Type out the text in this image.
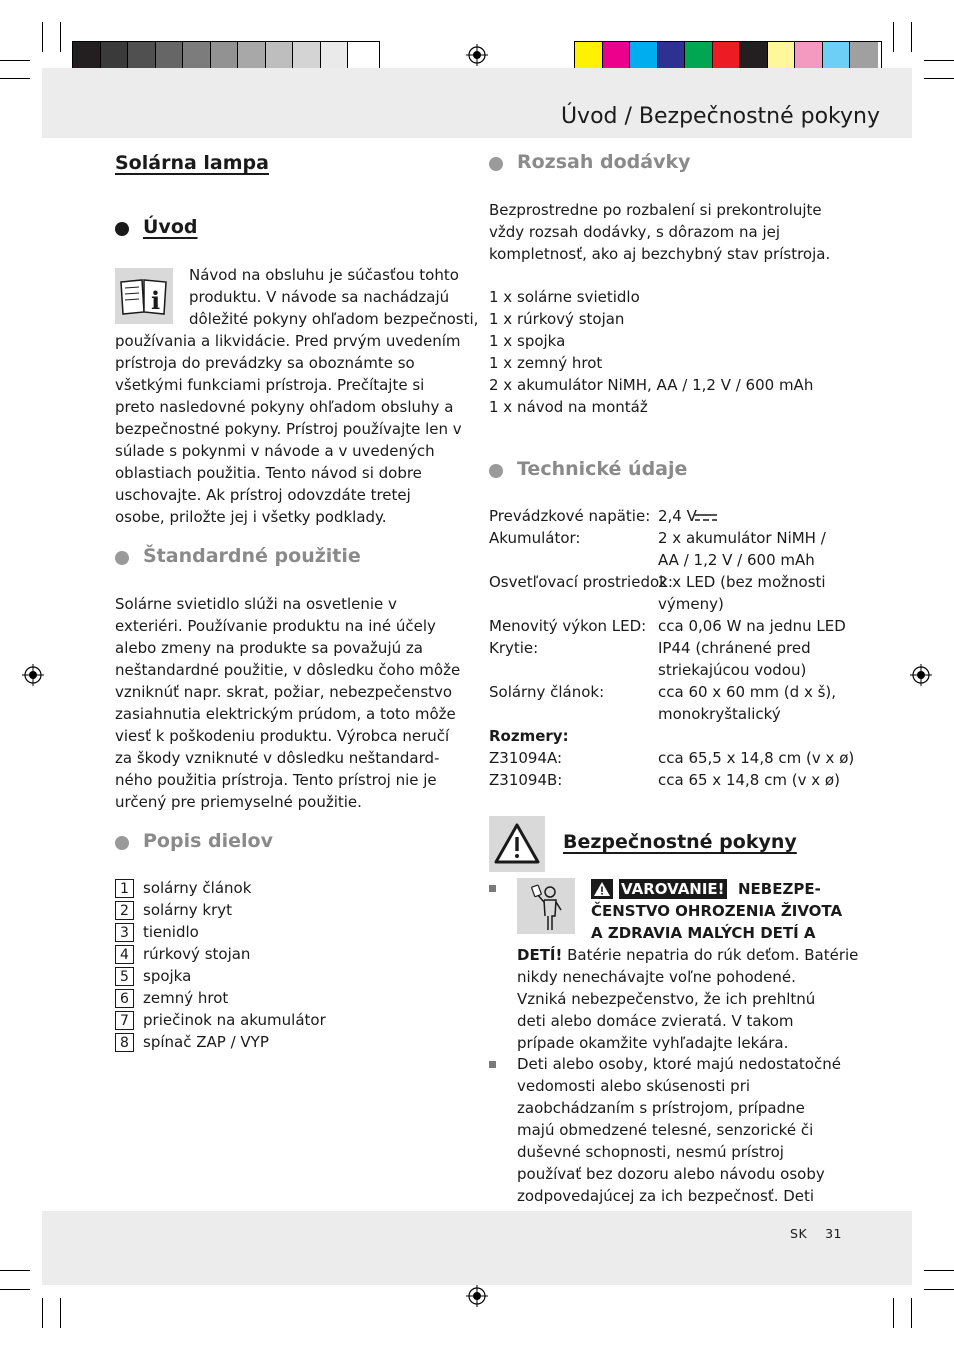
Úvod / Bezpečnostné pokyny
Solárna lampa
Úvod
i
Návod na obsluhu je súčasťou tohto
produktu. V návode sa nachádzajú
dôležité pokyny ohľadom bezpečnosti,

používania a likvidácie. Pred prvým uvedením prístroja do prevádzky sa oboznámte so všetkými funkciami prístroja. Prečítajte si preto nasledovné pokyny ohľadom obsluhy a bezpečnostné pokyny. Prístroj používajte len v súlade s pokynmi v návode a v uvedených oblastiach použitia. Tento návod si dobre uschovajte. Ak prístroj odovzdáte tretej osobe, priložte jej i všetky podklady.

Štandardné použitie

Solárne svietidlo slúži na osvetlenie v exteriéri. Používanie produktu na iné účely alebo zmeny na produkte sa považujú za neštandardné použitie, v dôsledku čoho môže vzniknúť napr. skrat, požiar, nebezpečenstvo zasiahnutia elektrickým prúdom, a toto môže viesť k poškodeniu produktu. Výrobca neručí za škody vzniknuté v dôsledku neštandard-ného použitia prístroja. Tento prístroj nie je určený pre priemyselné použitie.

Popis dielov
1 solárny článok
2 solárny kryt
3 tienidlo
4 rúrkový stojan
5 spojka
6 zemný hrot
7 priečinok na akumulátor
8 spínač ZAP / VYP
Rozsah dodávky

Bezprostredne po rozbalení si prekontrolujte vždy rozsah dodávky, s dôrazom na jej kompletnosť, ako aj bezchybný stav prístroja.

1 x solárne svietidlo
1 x rúrkový stojan
1 x spojka
1 x zemný hrot
2 x akumulátor NiMH, AA / 1,2 V / 600 mAh
1 x návod na montáž
Technické údaje
Prevádzkové napätie: 2,4 V
Akumulátor:	2 x akumulátor NiMH /
AA / 1,2 V / 600 mAh
Osvetľovací prostriedok:
2 x LED (bez možnosti
výmeny)
Menovitý výkon LED: cca 0,06 W na jednu LED
Krytie:	IP44 (chránené pred
striekajúcou vodou)
Solárny článok:	cca 60 x 60 mm (d x š),
monokryštalický
Rozmery:
Z31094A:	cca 65,5 x 14,8 cm (v x ø)
Z31094B:	cca 65 x 14,8 cm (v x ø)
Bezpečnostné pokyny
VAROVANIE! NEBEZPE-
ČENSTVO OHROZENIA ŽIVOTA
A ZDRAVIA MALÝCH DETÍ A
DETÍ! Batérie nepatria do rúk deťom. Batérie

nikdy nenechávajte voľne pohodené. Vzniká nebezpečenstvo, že ich prehltnú deti alebo domáce zvieratá. V takom prípade okamžite vyhľadajte lekára.

Deti alebo osoby, ktoré majú nedostatočné vedomosti alebo skúsenosti pri zaobchádzaním s prístrojom, prípadne majú obmedzené telesné, senzorické či duševné schopnosti, nesmú prístroj používať bez dozoru alebo návodu osoby zodpovedajúcej za ich bezpečnosť. Deti

SK 31
